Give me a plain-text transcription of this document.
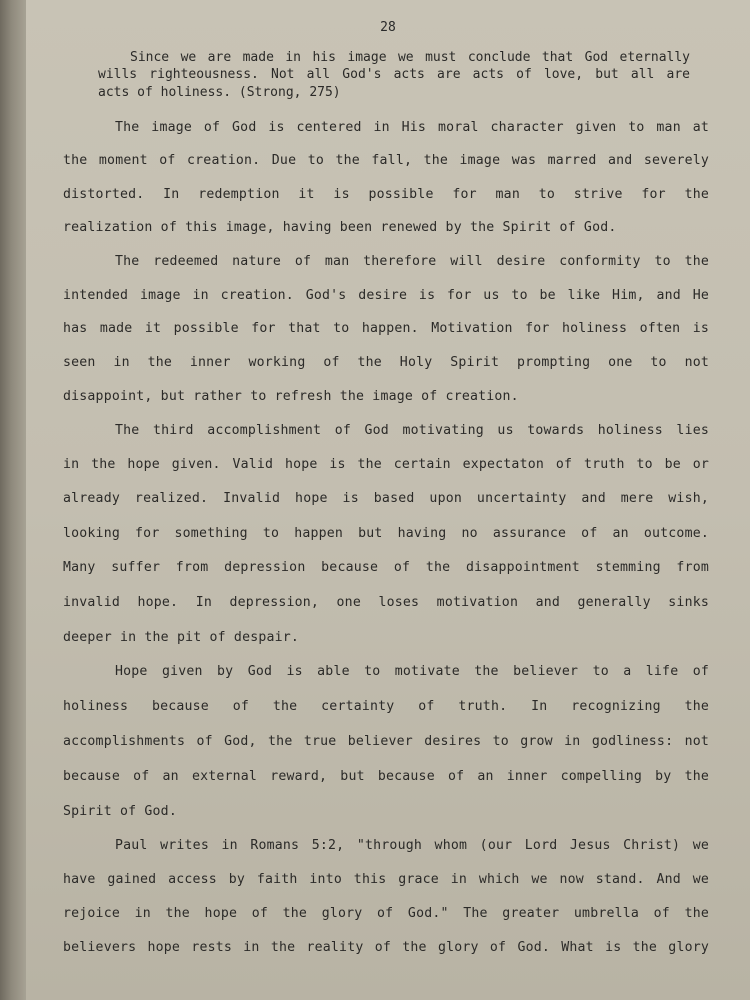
28
Since we are made in his image we must conclude that God eternally
wills righteousness. Not all God's acts are acts of love, but all are
acts of holiness. (Strong, 275)
The image of God is centered in His moral character given to man at
the moment of creation. Due to the fall, the image was marred and severely
distorted. In redemption it is possible for man to strive for the
realization of this image, having been renewed by the Spirit of God.
The redeemed nature of man therefore will desire conformity to the
intended image in creation. God's desire is for us to be like Him, and He
has made it possible for that to happen. Motivation for holiness often is
seen in the inner working of the Holy Spirit prompting one to not
disappoint, but rather to refresh the image of creation.
The third accomplishment of God motivating us towards holiness lies
in the hope given. Valid hope is the certain expectaton of truth to be or
already realized. Invalid hope is based upon uncertainty and mere wish,
looking for something to happen but having no assurance of an outcome.
Many suffer from depression because of the disappointment stemming from
invalid hope. In depression, one loses motivation and generally sinks
deeper in the pit of despair.
Hope given by God is able to motivate the believer to a life of
holiness because of the certainty of truth. In recognizing the
accomplishments of God, the true believer desires to grow in godliness: not
because of an external reward, but because of an inner compelling by the
Spirit of God.
Paul writes in Romans 5:2, "through whom (our Lord Jesus Christ) we
have gained access by faith into this grace in which we now stand. And we
rejoice in the hope of the glory of God." The greater umbrella of the
believers hope rests in the reality of the glory of God. What is the glory
